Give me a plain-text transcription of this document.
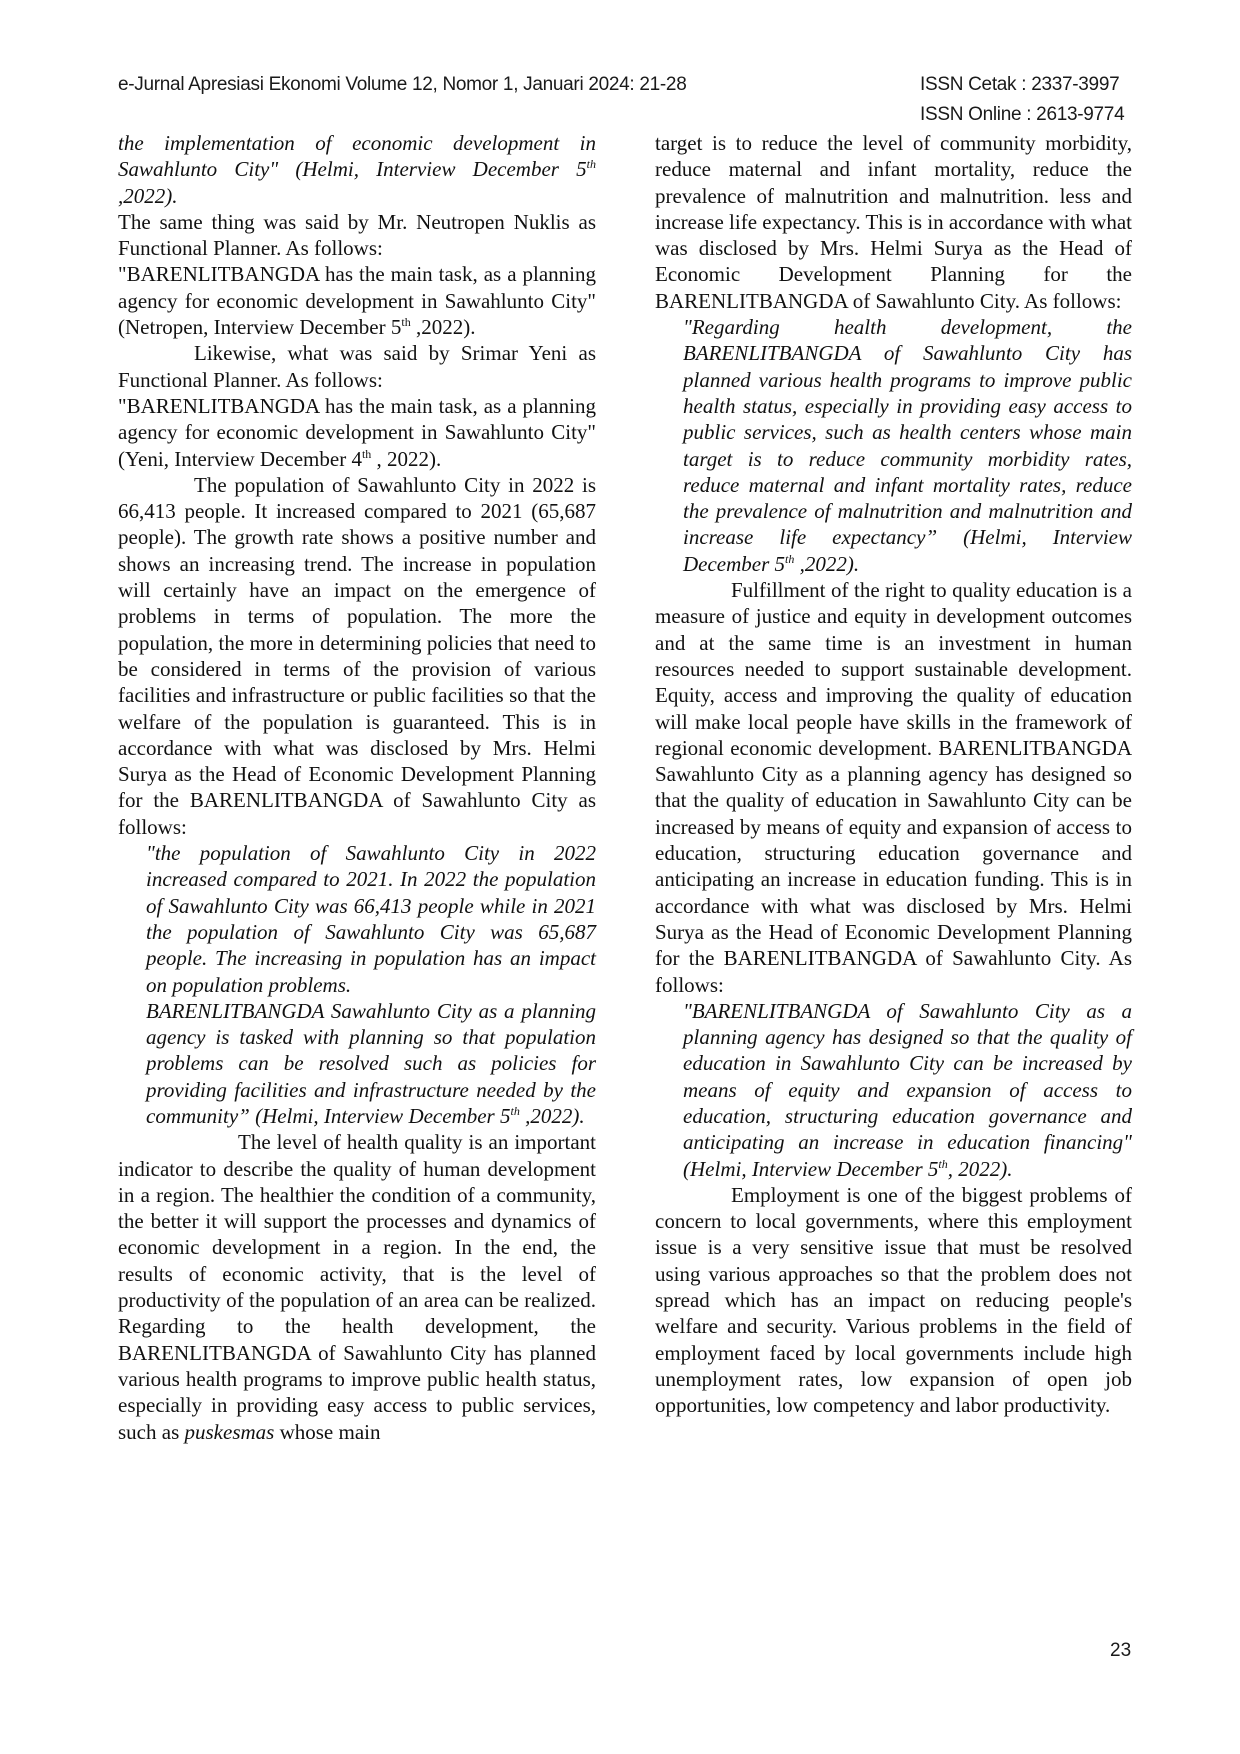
e-Jurnal Apresiasi Ekonomi Volume 12, Nomor 1, Januari 2024: 21-28	ISSN Cetak : 2337-3997
ISSN Online : 2613-9774

the implementation of economic development in Sawahlunto City" (Helmi, Interview December 5th ,2022).

The same thing was said by Mr. Neutropen Nuklis as Functional Planner. As follows:

"BARENLITBANGDA has the main task, as a planning agency for economic development in Sawahlunto City" (Netropen, Interview December 5th ,2022).

Likewise, what was said by Srimar Yeni as Functional Planner. As follows:

"BARENLITBANGDA has the main task, as a planning agency for economic development in Sawahlunto City" (Yeni, Interview December 4th , 2022).

The population of Sawahlunto City in 2022 is 66,413 people. It increased compared to 2021 (65,687 people). The growth rate shows a positive number and shows an increasing trend. The increase in population will certainly have an impact on the emergence of problems in terms of population. The more the population, the more in determining policies that need to be considered in terms of the provision of various facilities and infrastructure or public facilities so that the welfare of the population is guaranteed. This is in accordance with what was disclosed by Mrs. Helmi Surya as the Head of Economic Development Planning for the BARENLITBANGDA of Sawahlunto City as follows:

"the population of Sawahlunto City in 2022 increased compared to 2021. In 2022 the population of Sawahlunto City was 66,413 people while in 2021 the population of Sawahlunto City was 65,687 people. The increasing in population has an impact on population problems.

BARENLITBANGDA Sawahlunto City as a planning agency is tasked with planning so that population problems can be resolved such as policies for providing facilities and infrastructure needed by the community” (Helmi, Interview December 5th ,2022).

The level of health quality is an important indicator to describe the quality of human development in a region. The healthier the condition of a community, the better it will support the processes and dynamics of economic development in a region. In the end, the results of economic activity, that is the level of productivity of the population of an area can be realized. Regarding to the health development, the BARENLITBANGDA of Sawahlunto City has planned various health programs to improve public health status, especially in providing easy access to public services, such as puskesmas whose main

target is to reduce the level of community morbidity, reduce maternal and infant mortality, reduce the prevalence of malnutrition and malnutrition. less and increase life expectancy. This is in accordance with what was disclosed by Mrs. Helmi Surya as the Head of Economic Development Planning for the BARENLITBANGDA of Sawahlunto City. As follows:

"Regarding health development, the BARENLITBANGDA of Sawahlunto City has planned various health programs to improve public health status, especially in providing easy access to public services, such as health centers whose main target is to reduce community morbidity rates, reduce maternal and infant mortality rates, reduce the prevalence of malnutrition and malnutrition and increase life expectancy” (Helmi, Interview December 5th ,2022).

Fulfillment of the right to quality education is a measure of justice and equity in development outcomes and at the same time is an investment in human resources needed to support sustainable development. Equity, access and improving the quality of education will make local people have skills in the framework of regional economic development. BARENLITBANGDA Sawahlunto City as a planning agency has designed so that the quality of education in Sawahlunto City can be increased by means of equity and expansion of access to education, structuring education governance and anticipating an increase in education funding. This is in accordance with what was disclosed by Mrs. Helmi Surya as the Head of Economic Development Planning for the BARENLITBANGDA of Sawahlunto City. As follows:

"BARENLITBANGDA of Sawahlunto City as a planning agency has designed so that the quality of education in Sawahlunto City can be increased by means of equity and expansion of access to education, structuring education governance and anticipating an increase in education financing" (Helmi, Interview December 5th, 2022).

Employment is one of the biggest problems of concern to local governments, where this employment issue is a very sensitive issue that must be resolved using various approaches so that the problem does not spread which has an impact on reducing people's welfare and security. Various problems in the field of employment faced by local governments include high unemployment rates, low expansion of open job opportunities, low competency and labor productivity.

23
